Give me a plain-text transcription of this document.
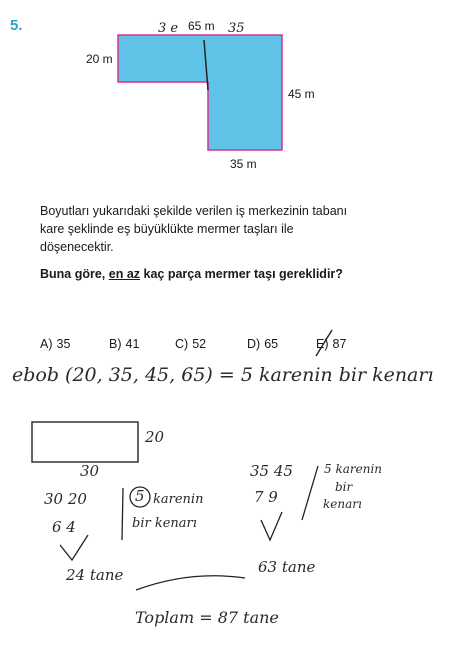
5.	65 m
20 m
45 m
35 m
3 e	35

Boyutları yukarıdaki şekilde verilen iş merkezinin tabanı kare şeklinde eş büyüklükte mermer taşları ile döşenecektir.

Buna göre, en az kaç parça mermer taşı gereklidir?

A) 35	B) 41	C) 52	D) 65	E) 87
ebob (20, 35, 45, 65) = 5 karenin bir kenarı
20
30
30 20	5 karenin
bir kenarı
6 4
24 tane
35 45	5 karenin
bir
kenarı
7 9
63 tane
Toplam = 87 tane
